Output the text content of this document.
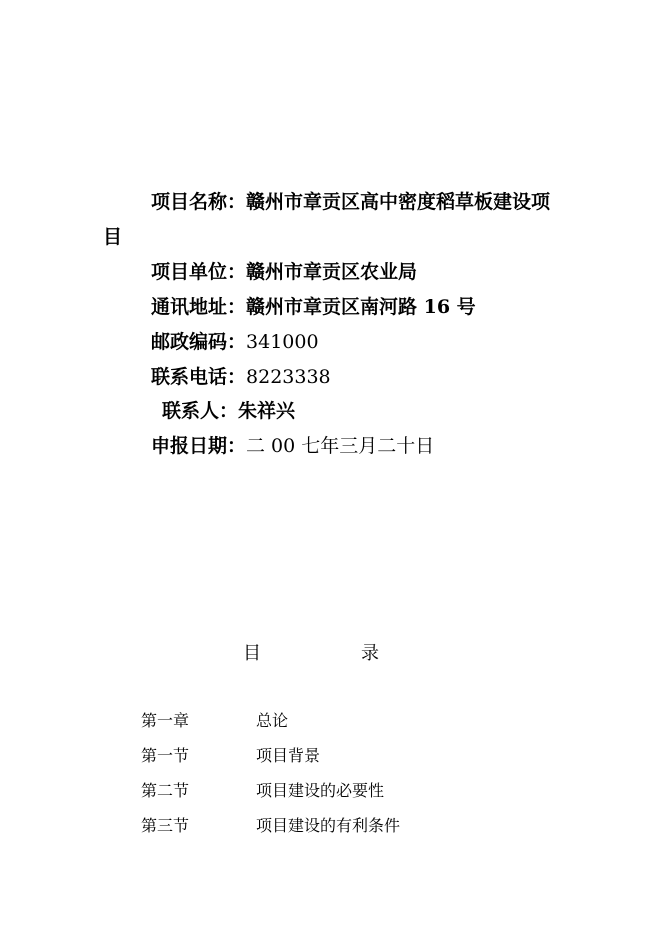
项目名称：赣州市章贡区高中密度稻草板建设项
目
项目单位：赣州市章贡区农业局
通讯地址：赣州市章贡区南河路 16 号
邮政编码：341000
联系电话：8223338
联系人：朱祥兴
申报日期：二 00 七年三月二十日
目	录
第一章	总论
第一节	项目背景
第二节	项目建设的必要性
第三节	项目建设的有利条件
